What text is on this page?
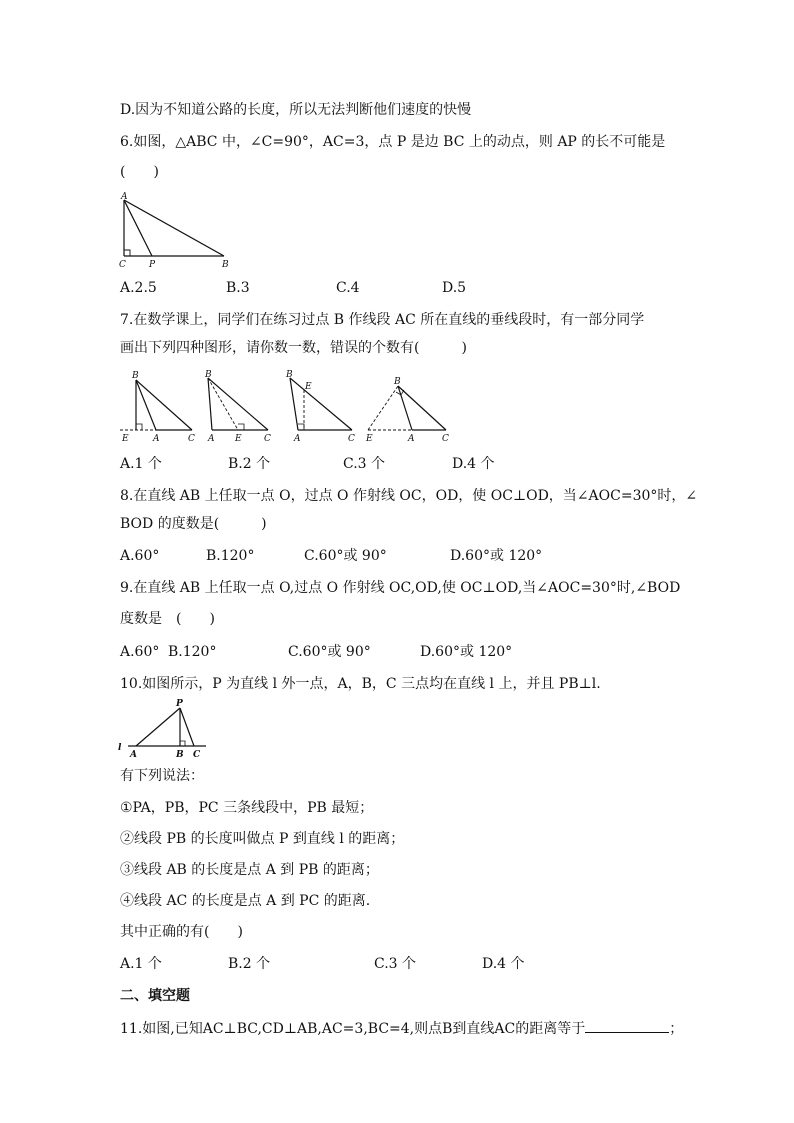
D.因为不知道公路的长度，所以无法判断他们速度的快慢
6.如图，△ABC 中，∠C=90°，AC=3，点 P 是边 BC 上的动点，则 AP 的长不可能是
(　　)
A
C	P	B
A.2.5	B.3	C.4	D.5
7.在数学课上，同学们在练习过点 B 作线段 AC 所在直线的垂线段时，有一部分同学
画出下列四种图形，请你数一数，错误的个数有(　　　)
B
E	A	C
B
A E C
B
E
A	C
B
E	A	C
A.1 个	B.2 个	C.3 个	D.4 个
8.在直线 AB 上任取一点 O，过点 O 作射线 OC，OD，使 OC⊥OD，当∠AOC=30°时，∠
BOD 的度数是(　　　)
A.60°	B.120°	C.60°或 90°	D.60°或 120°
9.在直线 AB 上任取一点 O,过点 O 作射线 OC,OD,使 OC⊥OD,当∠AOC=30°时,∠BOD
度数是　(　　)
A.60° B.120°	C.60°或 90°	D.60°或 120°
10.如图所示，P 为直线 l 外一点，A，B，C 三点均在直线 l 上，并且 PB⊥l.
P
l
A	B C
有下列说法：
①PA，PB，PC 三条线段中，PB 最短；
②线段 PB 的长度叫做点 P 到直线 l 的距离；
③线段 AB 的长度是点 A 到 PB 的距离；
④线段 AC 的长度是点 A 到 PC 的距离.
其中正确的有(　　)
A.1 个	B.2 个	C.3 个	D.4 个
二、填空题
11.如图,已知AC⊥BC,CD⊥AB,AC=3,BC=4,则点B到直线AC的距离等于	；
